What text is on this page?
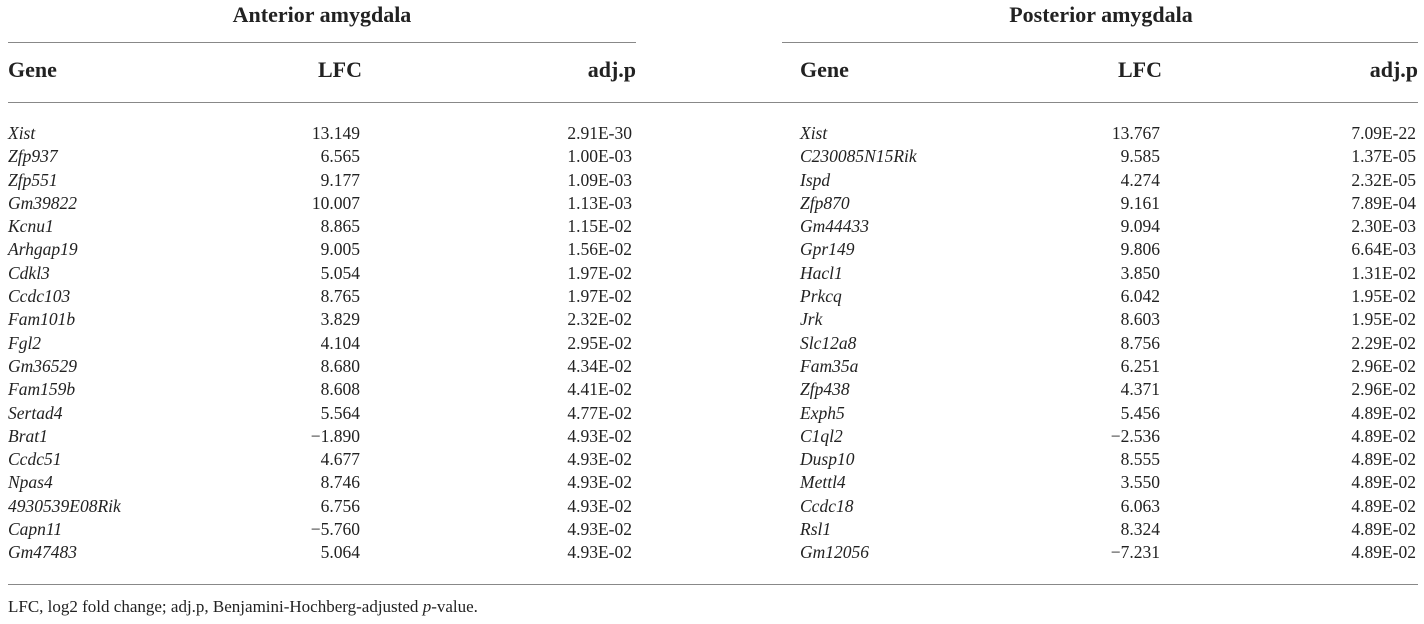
Anterior amygdala
Gene	LFC	adj.p
Xist	13.149	2.91E-30
Zfp937	6.565	1.00E-03
Zfp551	9.177	1.09E-03
Gm39822	10.007	1.13E-03
Kcnu1	8.865	1.15E-02
Arhgap19	9.005	1.56E-02
Cdkl3	5.054	1.97E-02
Ccdc103	8.765	1.97E-02
Fam101b	3.829	2.32E-02
Fgl2	4.104	2.95E-02
Gm36529	8.680	4.34E-02
Fam159b	8.608	4.41E-02
Sertad4	5.564	4.77E-02
Brat1	−1.890	4.93E-02
Ccdc51	4.677	4.93E-02
Npas4	8.746	4.93E-02
4930539E08Rik	6.756	4.93E-02
Capn11	−5.760	4.93E-02
Gm47483	5.064	4.93E-02
Posterior amygdala
Gene	LFC	adj.p
Xist	13.767	7.09E-22
C230085N15Rik	9.585	1.37E-05
Ispd	4.274	2.32E-05
Zfp870	9.161	7.89E-04
Gm44433	9.094	2.30E-03
Gpr149	9.806	6.64E-03
Hacl1	3.850	1.31E-02
Prkcq	6.042	1.95E-02
Jrk	8.603	1.95E-02
Slc12a8	8.756	2.29E-02
Fam35a	6.251	2.96E-02
Zfp438	4.371	2.96E-02
Exph5	5.456	4.89E-02
C1ql2	−2.536	4.89E-02
Dusp10	8.555	4.89E-02
Mettl4	3.550	4.89E-02
Ccdc18	6.063	4.89E-02
Rsl1	8.324	4.89E-02
Gm12056	−7.231	4.89E-02
LFC, log2 fold change; adj.p, Benjamini-Hochberg-adjusted p-value.
